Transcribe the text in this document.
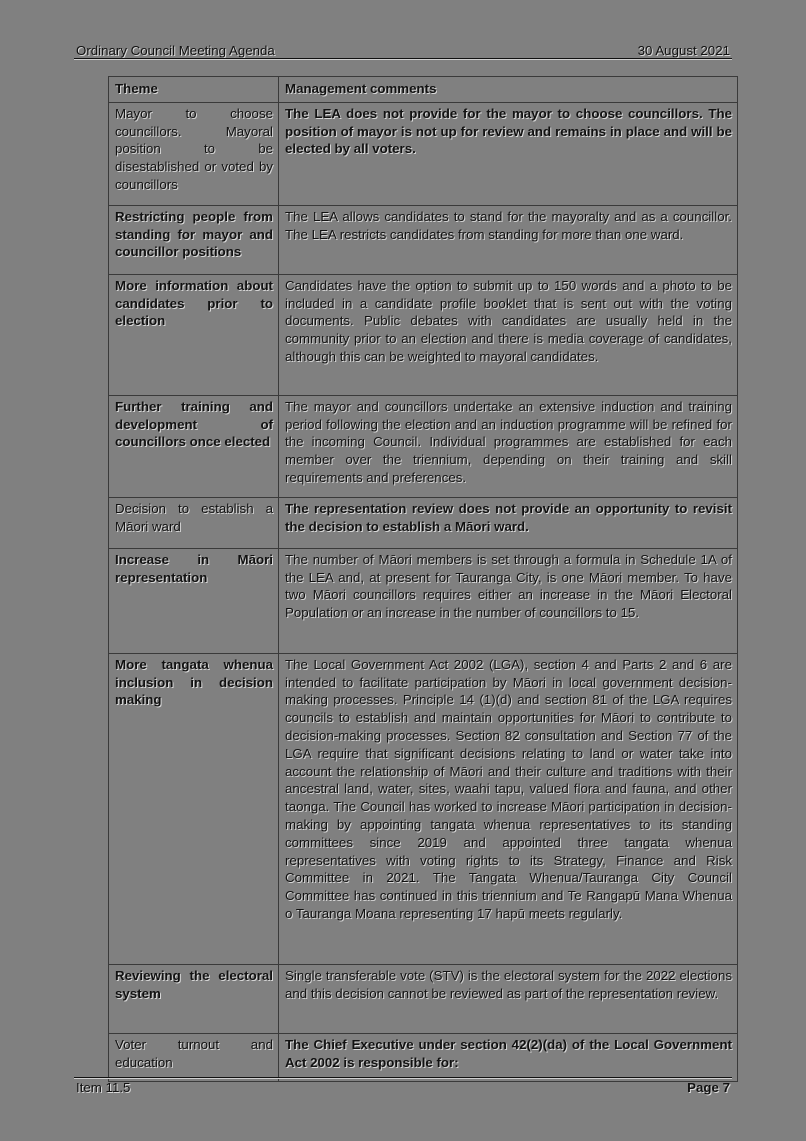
Ordinary Council Meeting Agenda	30 August 2021
Theme	Management comments
Mayor to choose councillors. Mayoral position to be disestablished or voted by councillors	The LEA does not provide for the mayor to choose councillors. The position of mayor is not up for review and remains in place and will be elected by all voters.
Restricting people from standing for mayor and councillor positions	The LEA allows candidates to stand for the mayoralty and as a councillor. The LEA restricts candidates from standing for more than one ward.
More information about candidates prior to election	Candidates have the option to submit up to 150 words and a photo to be included in a candidate profile booklet that is sent out with the voting documents. Public debates with candidates are usually held in the community prior to an election and there is media coverage of candidates, although this can be weighted to mayoral candidates.
Further training and development of councillors once elected	The mayor and councillors undertake an extensive induction and training period following the election and an induction programme will be refined for the incoming Council. Individual programmes are established for each member over the triennium, depending on their training and skill requirements and preferences.
Decision to establish a Māori ward	The representation review does not provide an opportunity to revisit the decision to establish a Māori ward.
Increase in Māori representation	The number of Māori members is set through a formula in Schedule 1A of the LEA and, at present for Tauranga City, is one Māori member. To have two Māori councillors requires either an increase in the Māori Electoral Population or an increase in the number of councillors to 15.
More tangata whenua inclusion in decision making	The Local Government Act 2002 (LGA), section 4 and Parts 2 and 6 are intended to facilitate participation by Māori in local government decision-making processes. Principle 14 (1)(d) and section 81 of the LGA requires councils to establish and maintain opportunities for Māori to contribute to decision-making processes. Section 82 consultation and Section 77 of the LGA require that significant decisions relating to land or water take into account the relationship of Māori and their culture and traditions with their ancestral land, water, sites, waahi tapu, valued flora and fauna, and other taonga. The Council has worked to increase Māori participation in decision-making by appointing tangata whenua representatives to its standing committees since 2019 and appointed three tangata whenua representatives with voting rights to its Strategy, Finance and Risk Committee in 2021. The Tangata Whenua/Tauranga City Council Committee has continued in this triennium and Te Rangapū Mana Whenua o Tauranga Moana representing 17 hapū meets regularly.
Reviewing the electoral system	Single transferable vote (STV) is the electoral system for the 2022 elections and this decision cannot be reviewed as part of the representation review.
Voter turnout and education	The Chief Executive under section 42(2)(da) of the Local Government Act 2002 is responsible for:
Item 11.5	Page 7
